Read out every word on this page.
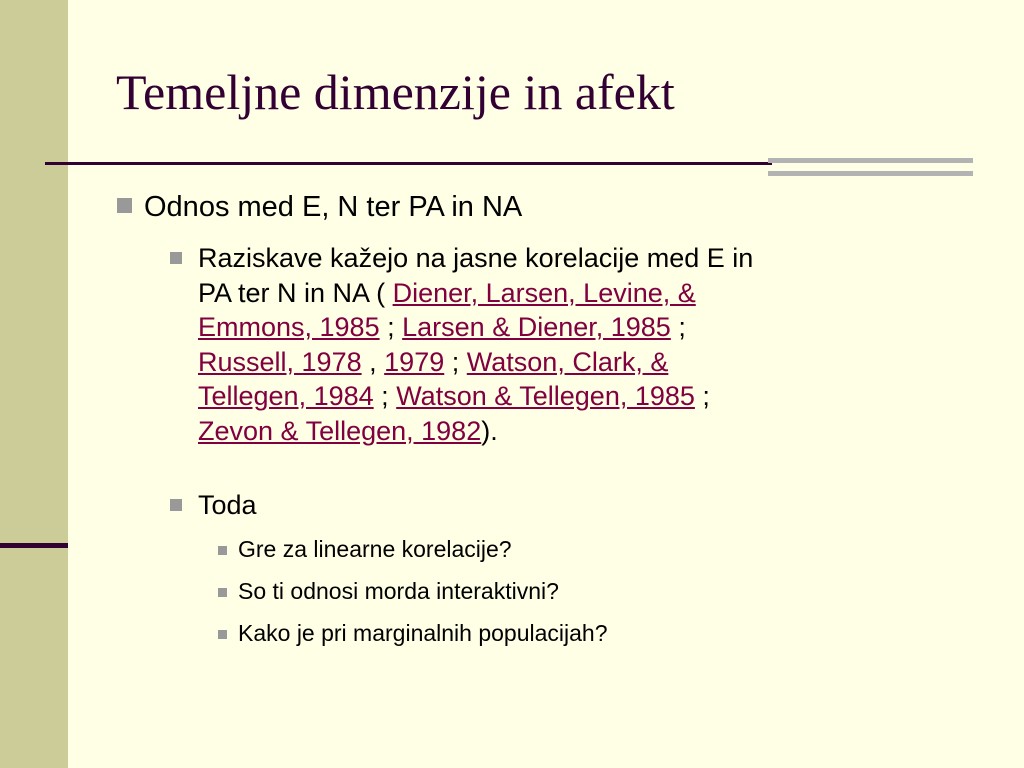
Temeljne dimenzije in afekt
Odnos med E, N ter PA in NA
Raziskave kažejo na jasne korelacije med E in
PA ter N in NA ( Diener, Larsen, Levine, &
Emmons, 1985 ; Larsen & Diener, 1985 ;
Russell, 1978 , 1979 ; Watson, Clark, &
Tellegen, 1984 ; Watson & Tellegen, 1985 ;
Zevon & Tellegen, 1982).
Toda
Gre za linearne korelacije?
So ti odnosi morda interaktivni?
Kako je pri marginalnih populacijah?
